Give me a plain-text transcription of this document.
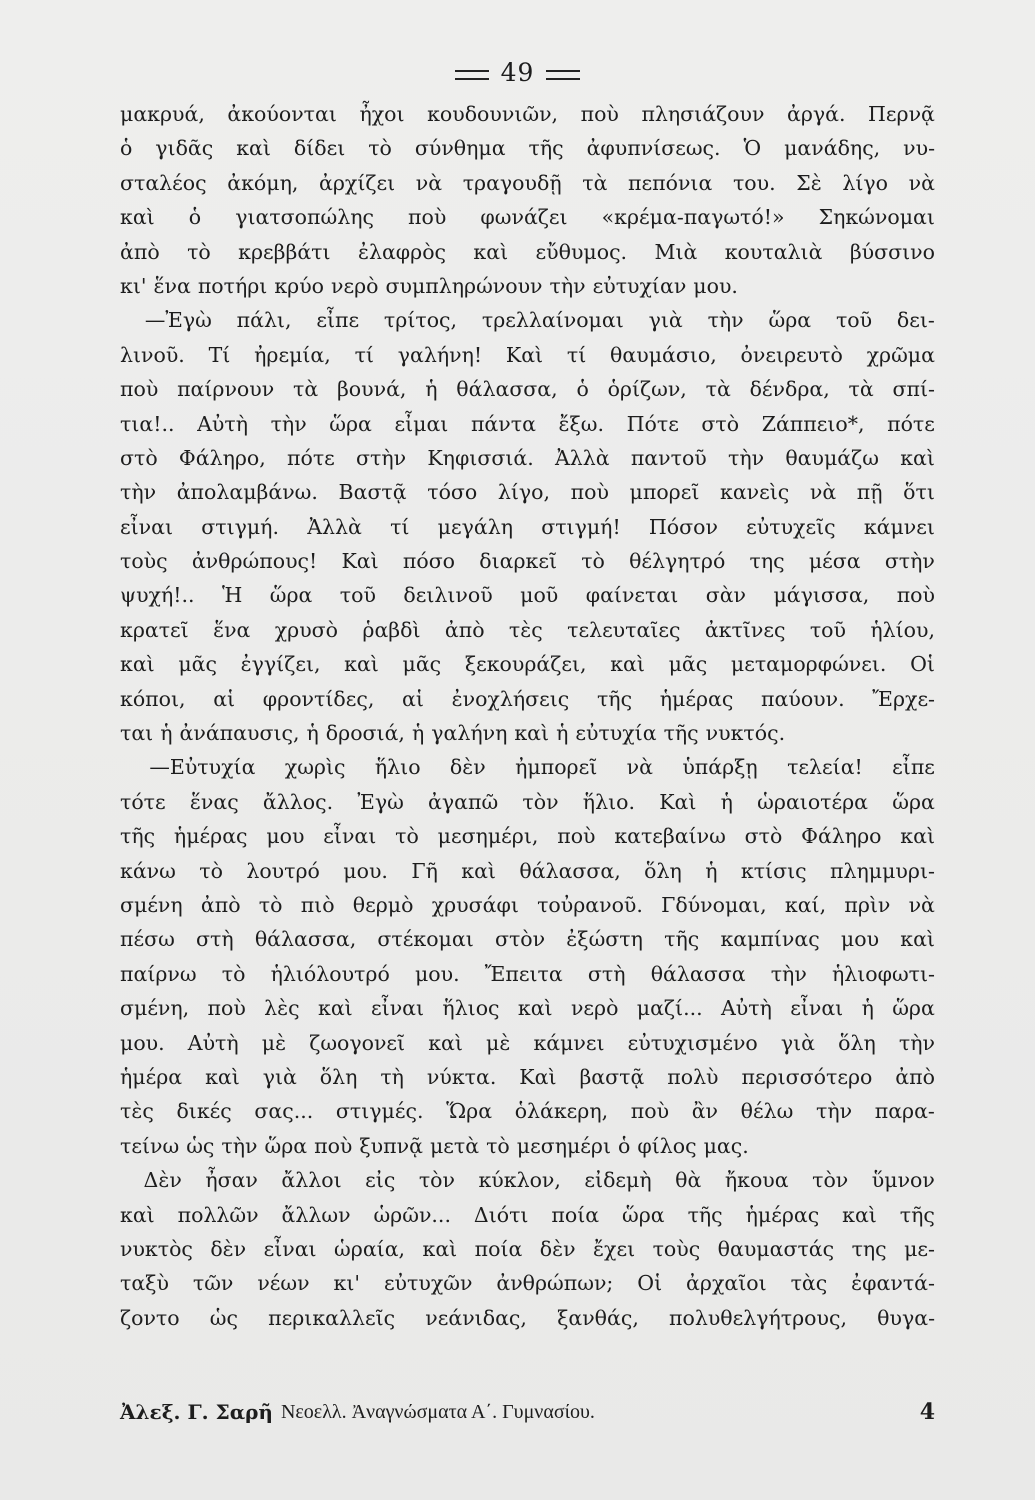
49
μακρυά, ἀκούονται ἦχοι κουδουνιῶν, ποὺ πλησιάζουν ἀργά. Περνᾷ
ὁ γιδᾶς καὶ δίδει τὸ σύνθημα τῆς ἀφυπνίσεως. Ὁ μανάδης, νυ-
σταλέος ἀκόμη, ἀρχίζει νὰ τραγουδῇ τὰ πεπόνια του. Σὲ λίγο νὰ
καὶ ὁ γιατσοπώλης ποὺ φωνάζει «κρέμα-παγωτό!» Σηκώνομαι
ἀπὸ τὸ κρεββάτι ἐλαφρὸς καὶ εὔθυμος. Μιὰ κουταλιὰ βύσσινο
κι'
ἕνα
ποτήρι
κρύο
νερὸ
συμπληρώνουν
τὴν
εὐτυχίαν
μου.
—Ἐγὼ πάλι, εἶπε τρίτος, τρελλαίνομαι γιὰ τὴν ὥρα τοῦ δει-
λινοῦ. Τί ἠρεμία, τί γαλήνη! Καὶ τί θαυμάσιο, ὀνειρευτὸ χρῶμα
ποὺ παίρνουν τὰ βουνά, ἡ θάλασσα, ὁ ὁρίζων, τὰ δένδρα, τὰ σπί-
τια!.. Αὐτὴ τὴν ὥρα εἶμαι πάντα ἔξω. Πότε στὸ Ζάππειο*, πότε
στὸ Φάληρο, πότε στὴν Κηφισσιά. Ἀλλὰ παντοῦ τὴν θαυμάζω καὶ
τὴν ἀπολαμβάνω. Βαστᾷ τόσο λίγο, ποὺ μπορεῖ κανεὶς νὰ πῇ ὅτι
εἶναι στιγμή. Ἀλλὰ τί μεγάλη στιγμή! Πόσον εὐτυχεῖς κάμνει
τοὺς ἀνθρώπους! Καὶ πόσο διαρκεῖ τὸ θέλγητρό της μέσα στὴν
ψυχή!.. Ἡ ὥρα τοῦ δειλινοῦ μοῦ φαίνεται σὰν μάγισσα, ποὺ
κρατεῖ ἕνα χρυσὸ ῥαβδὶ ἀπὸ τὲς τελευταῖες ἀκτῖνες τοῦ ἡλίου,
καὶ μᾶς ἐγγίζει, καὶ μᾶς ξεκουράζει, καὶ μᾶς μεταμορφώνει. Οἱ
κόποι, αἱ φροντίδες, αἱ ἐνοχλήσεις τῆς ἡμέρας παύουν. Ἔρχε-
ται
ἡ
ἀνάπαυσις,
ἡ
δροσιά,
ἡ
γαλήνη
καὶ
ἡ
εὐτυχία
τῆς
νυκτός.
—Εὐτυχία χωρὶς ἥλιο δὲν ἠμπορεῖ νὰ ὑπάρξῃ τελεία! εἶπε
τότε ἕνας ἄλλος. Ἐγὼ ἀγαπῶ τὸν ἥλιο. Καὶ ἡ ὡραιοτέρα ὥρα
τῆς ἡμέρας μου εἶναι τὸ μεσημέρι, ποὺ κατεβαίνω στὸ Φάληρο καὶ
κάνω τὸ λουτρό μου. Γῆ καὶ θάλασσα, ὅλη ἡ κτίσις πλημμυρι-
σμένη ἀπὸ τὸ πιὸ θερμὸ χρυσάφι τοὐρανοῦ. Γδύνομαι, καί, πρὶν νὰ
πέσω στὴ θάλασσα, στέκομαι στὸν ἐξώστη τῆς καμπίνας μου καὶ
παίρνω τὸ ἡλιόλουτρό μου. Ἔπειτα στὴ θάλασσα τὴν ἡλιοφωτι-
σμένη, ποὺ λὲς καὶ εἶναι ἥλιος καὶ νερὸ μαζί... Αὐτὴ εἶναι ἡ ὥρα
μου. Αὐτὴ μὲ ζωογονεῖ καὶ μὲ κάμνει εὐτυχισμένο γιὰ ὅλη τὴν
ἡμέρα καὶ γιὰ ὅλη τὴ νύκτα. Καὶ βαστᾷ πολὺ περισσότερο ἀπὸ
τὲς δικές σας... στιγμές. Ὥρα ὁλάκερη, ποὺ ἂν θέλω τὴν παρα-
τείνω
ὡς
τὴν
ὥρα
ποὺ
ξυπνᾷ
μετὰ
τὸ
μεσημέρι
ὁ
φίλος
μας.
Δὲν ἦσαν ἄλλοι εἰς τὸν κύκλον, εἰδεμὴ θὰ ἤκουα τὸν ὕμνον
καὶ πολλῶν ἄλλων ὡρῶν... Διότι ποία ὥρα τῆς ἡμέρας καὶ τῆς
νυκτὸς δὲν εἶναι ὡραία, καὶ ποία δὲν ἔχει τοὺς θαυμαστάς της με-
ταξὺ τῶν νέων κι' εὐτυχῶν ἀνθρώπων; Οἱ ἀρχαῖοι τὰς ἐφαντά-
ζοντο ὡς περικαλλεῖς νεάνιδας, ξανθάς, πολυθελγήτρους, θυγα-
Ἀλεξ. Γ. Σαρῆ Νεοελλ. Ἀναγνώσματα Α΄. Γυμνασίου.	4
